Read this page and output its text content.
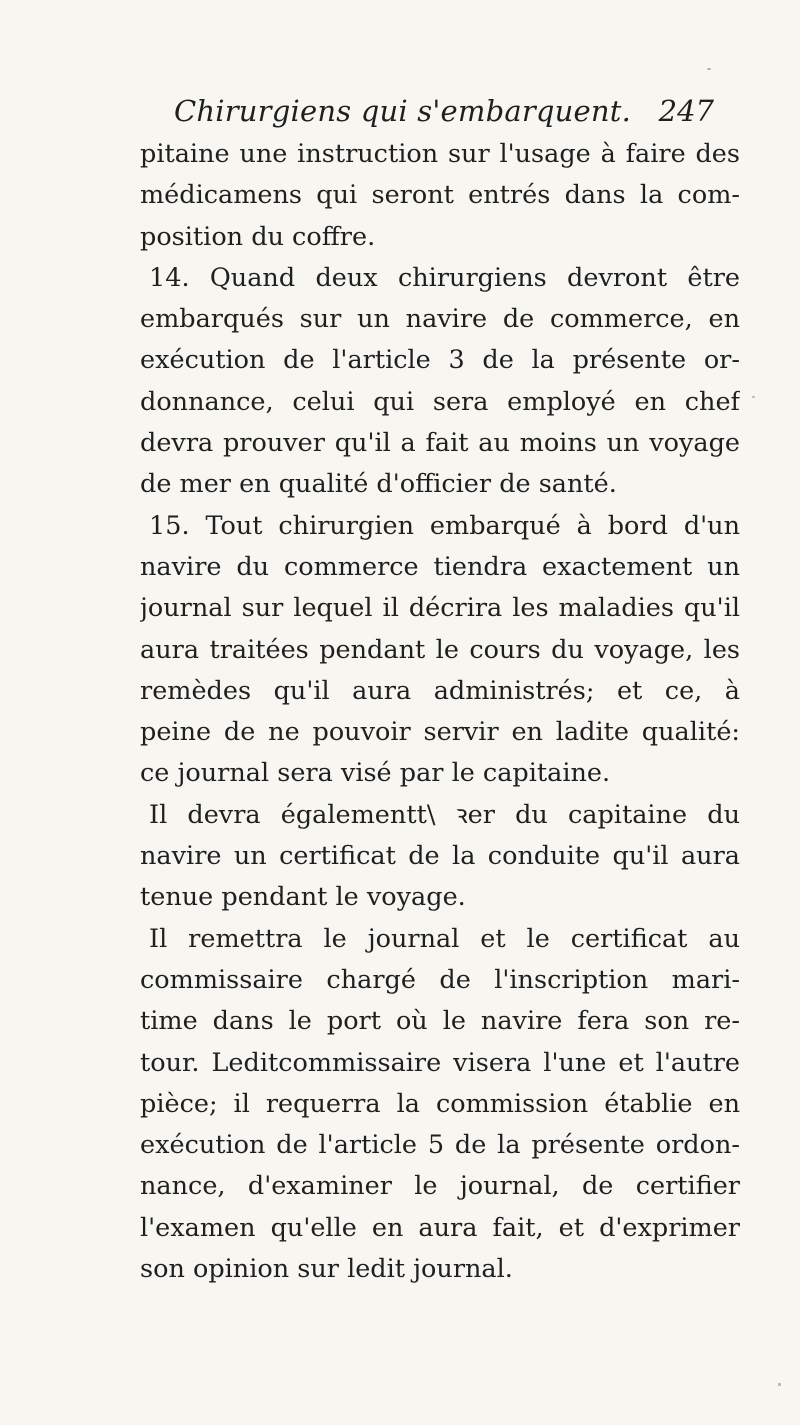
Chirurgiens qui s'embarquent. 247
pitaine une instruction sur l'usage à faire des
médicamens qui seront entrés dans la com-
position du coffre.
14. Quand deux chirurgiens devront être
embarqués sur un navire de commerce, en
exécution de l'article 3 de la présente or-
donnance, celui qui sera employé en chef
devra prouver qu'il a fait au moins un voyage
de mer en qualité d'officier de santé.
15. Tout chirurgien embarqué à bord d'un
navire du commerce tiendra exactement un
journal sur lequel il décrira les maladies qu'il
aura traitées pendant le cours du voyage, les
remèdes qu'il aura administrés; et ce, à
peine de ne pouvoir servir en ladite qualité:
ce journal sera visé par le capitaine.
Il devra égalementt\ ꝛer du capitaine du
navire un certificat de la conduite qu'il aura
tenue pendant le voyage.
Il remettra le journal et le certificat au
commissaire chargé de l'inscription mari-
time dans le port où le navire fera son re-
tour. Leditcommissaire visera l'une et l'autre
pièce; il requerra la commission établie en
exécution de l'article 5 de la présente ordon-
nance, d'examiner le journal, de certifier
l'examen qu'elle en aura fait, et d'exprimer
son opinion sur ledit journal.
